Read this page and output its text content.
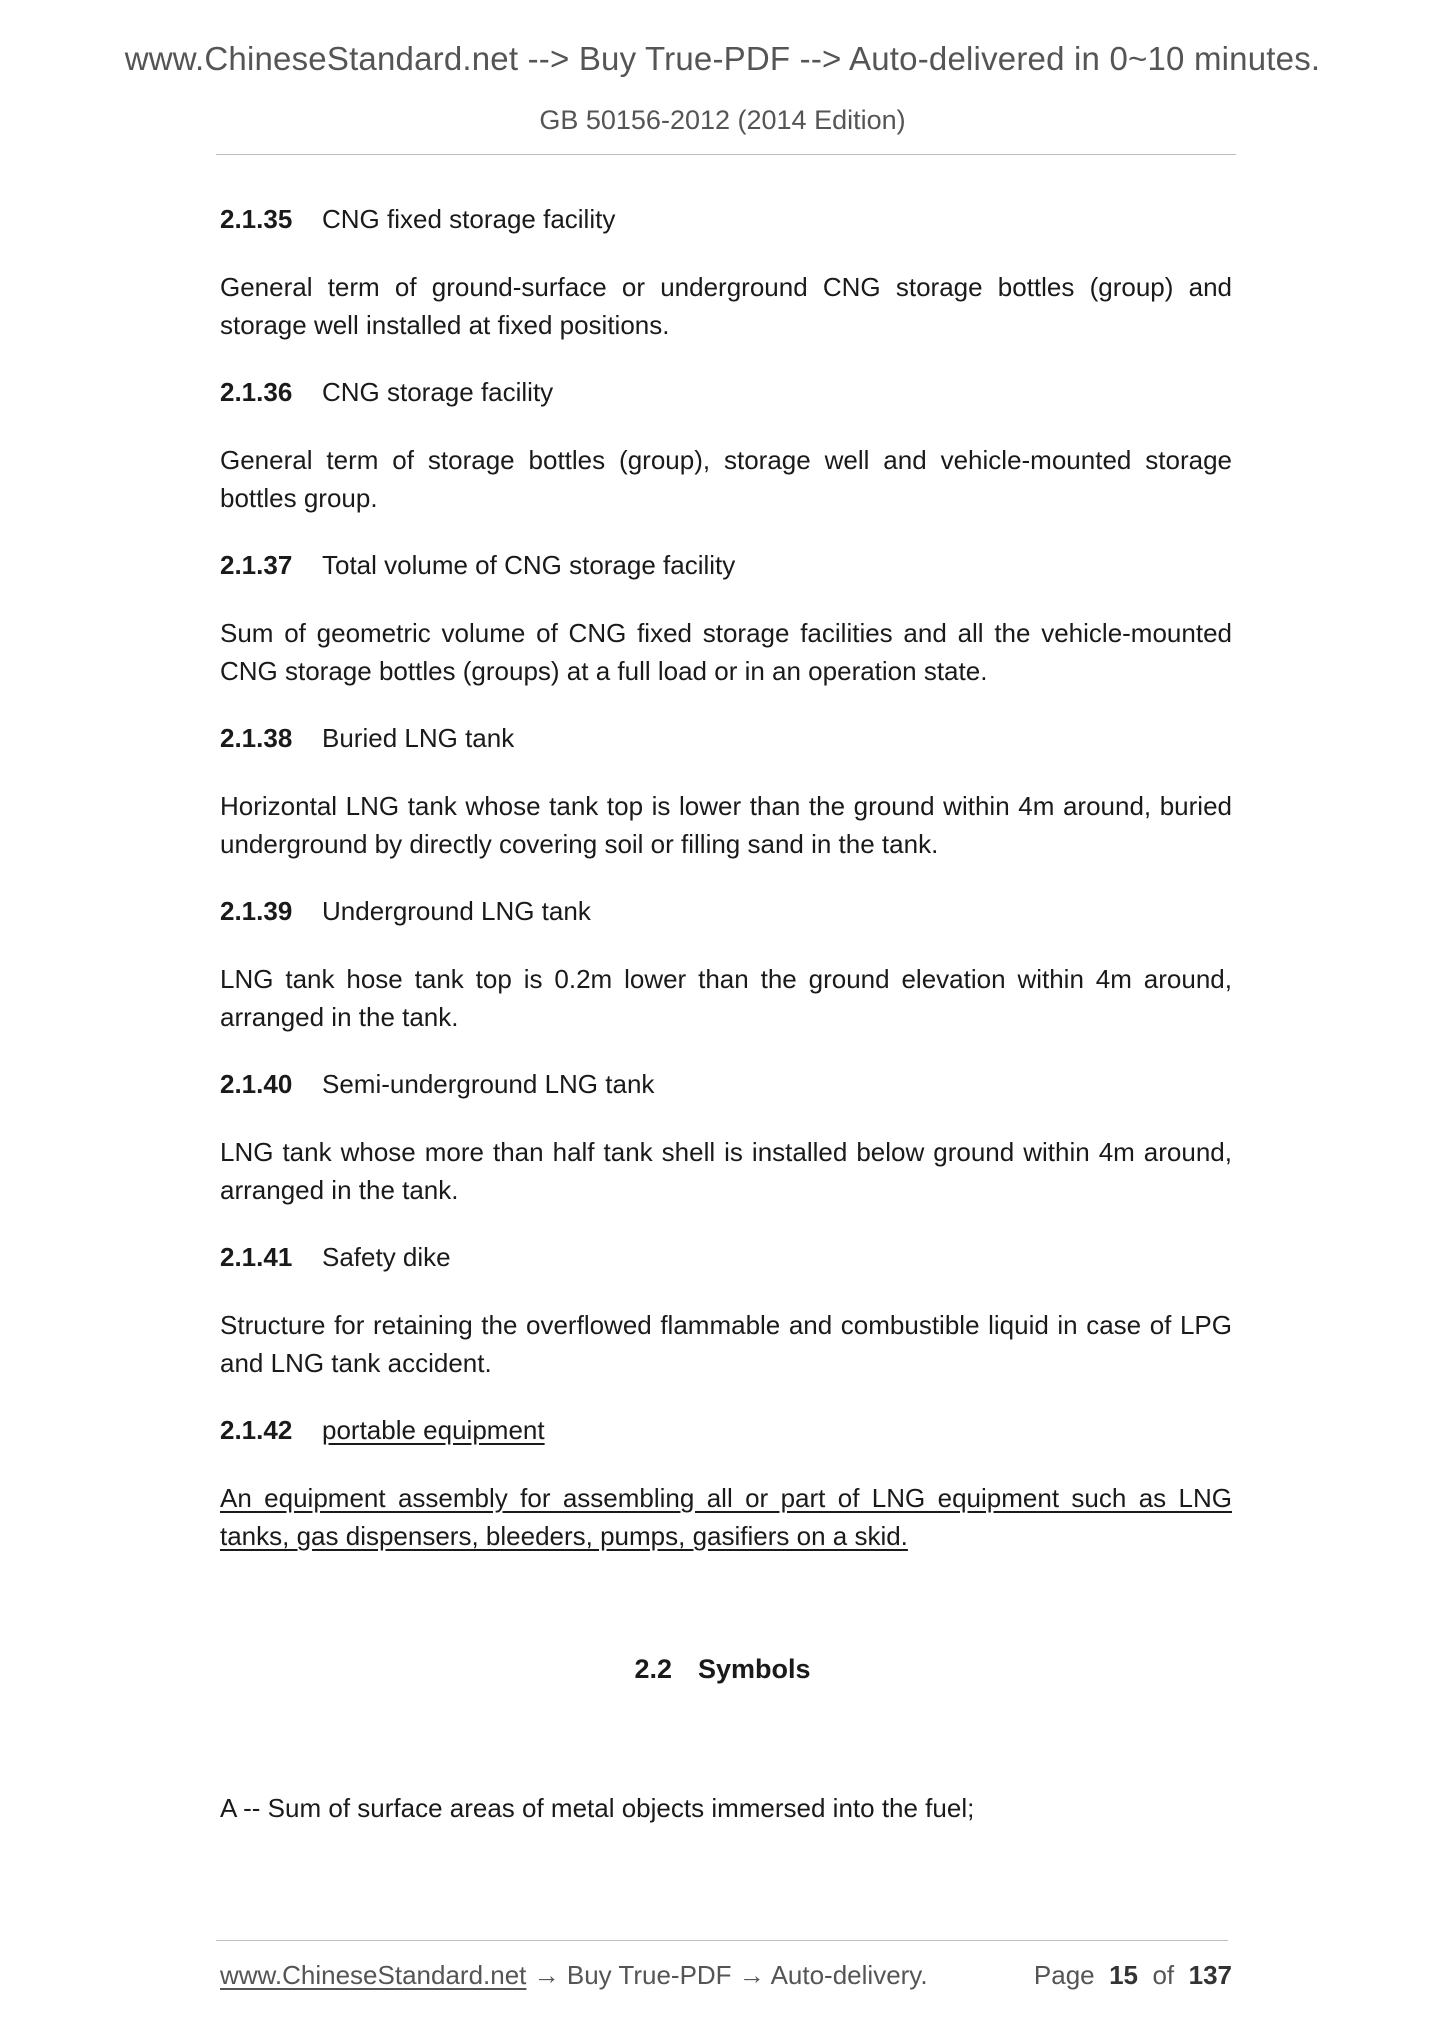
www.ChineseStandard.net --> Buy True-PDF --> Auto-delivered in 0~10 minutes.
GB 50156-2012 (2014 Edition)
2.1.35 CNG fixed storage facility
General term of ground-surface or underground CNG storage bottles (group) and storage well installed at fixed positions.
2.1.36 CNG storage facility
General term of storage bottles (group), storage well and vehicle-mounted storage bottles group.
2.1.37 Total volume of CNG storage facility
Sum of geometric volume of CNG fixed storage facilities and all the vehicle-mounted CNG storage bottles (groups) at a full load or in an operation state.
2.1.38 Buried LNG tank
Horizontal LNG tank whose tank top is lower than the ground within 4m around, buried underground by directly covering soil or filling sand in the tank.
2.1.39 Underground LNG tank
LNG tank hose tank top is 0.2m lower than the ground elevation within 4m around, arranged in the tank.
2.1.40 Semi-underground LNG tank
LNG tank whose more than half tank shell is installed below ground within 4m around, arranged in the tank.
2.1.41 Safety dike
Structure for retaining the overflowed flammable and combustible liquid in case of LPG and LNG tank accident.
2.1.42 portable equipment
An equipment assembly for assembling all or part of LNG equipment such as LNG tanks, gas dispensers, bleeders, pumps, gasifiers on a skid.
2.2 Symbols
A -- Sum of surface areas of metal objects immersed into the fuel;
www.ChineseStandard.net → Buy True-PDF → Auto-delivery.	Page 15 of 137
